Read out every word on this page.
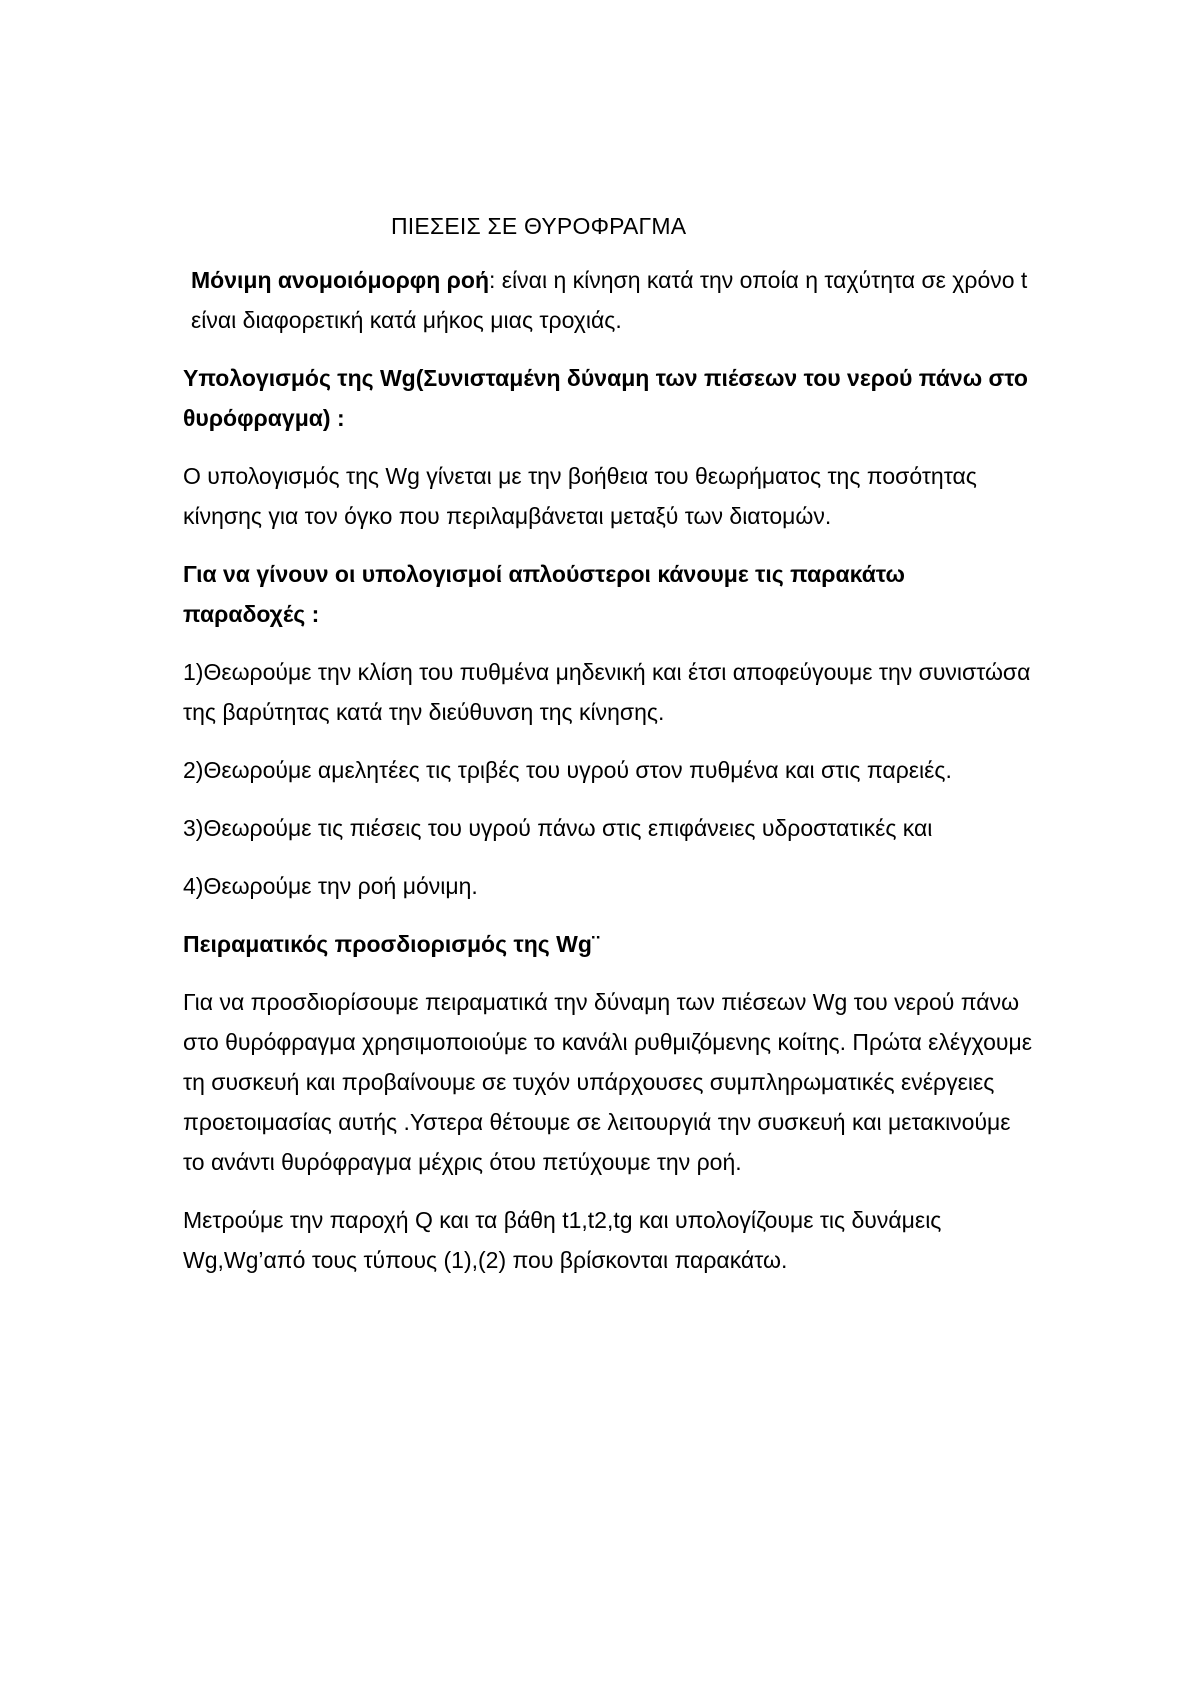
ΠΙΕΣΕΙΣ ΣΕ ΘΥΡΟΦΡΑΓΜΑ

Μόνιμη ανομοιόμορφη ροή: είναι η κίνηση κατά την οποία η ταχύτητα σε χρόνο t είναι διαφορετική κατά μήκος μιας τροχιάς.

Υπολογισμός της Wg(Συνισταμένη δύναμη των πιέσεων του νερού πάνω στο θυρόφραγμα) :

Ο υπολογισμός της Wg γίνεται με την βοήθεια του θεωρήματος της ποσότητας κίνησης για τον όγκο που περιλαμβάνεται μεταξύ των διατομών.

Για να γίνουν οι υπολογισμοί απλούστεροι κάνουμε τις παρακάτω παραδοχές :

1)Θεωρούμε την κλίση του πυθμένα μηδενική και έτσι αποφεύγουμε την συνιστώσα της βαρύτητας κατά την διεύθυνση της κίνησης.

2)Θεωρούμε αμελητέες τις τριβές του υγρού στον πυθμένα και στις παρειές.

3)Θεωρούμε τις πιέσεις του υγρού πάνω στις επιφάνειες υδροστατικές και

4)Θεωρούμε την ροή μόνιμη.

Πειραματικός προσδιορισμός της Wg¨

Για να προσδιορίσουμε πειραματικά την δύναμη των πιέσεων Wg του νερού πάνω στο θυρόφραγμα χρησιμοποιούμε το κανάλι ρυθμιζόμενης κοίτης. Πρώτα ελέγχουμε τη συσκευή και προβαίνουμε σε τυχόν υπάρχουσες συμπληρωματικές ενέργειες προετοιμασίας αυτής .Υστερα θέτουμε σε λειτουργιά την συσκευή και μετακινούμε το ανάντι θυρόφραγμα μέχρις ότου πετύχουμε την ροή.

Μετρούμε την παροχή Q και τα βάθη t1,t2,tg και υπολογίζουμε τις δυνάμεις Wg,Wg’από τους τύπους (1),(2) που βρίσκονται παρακάτω.
